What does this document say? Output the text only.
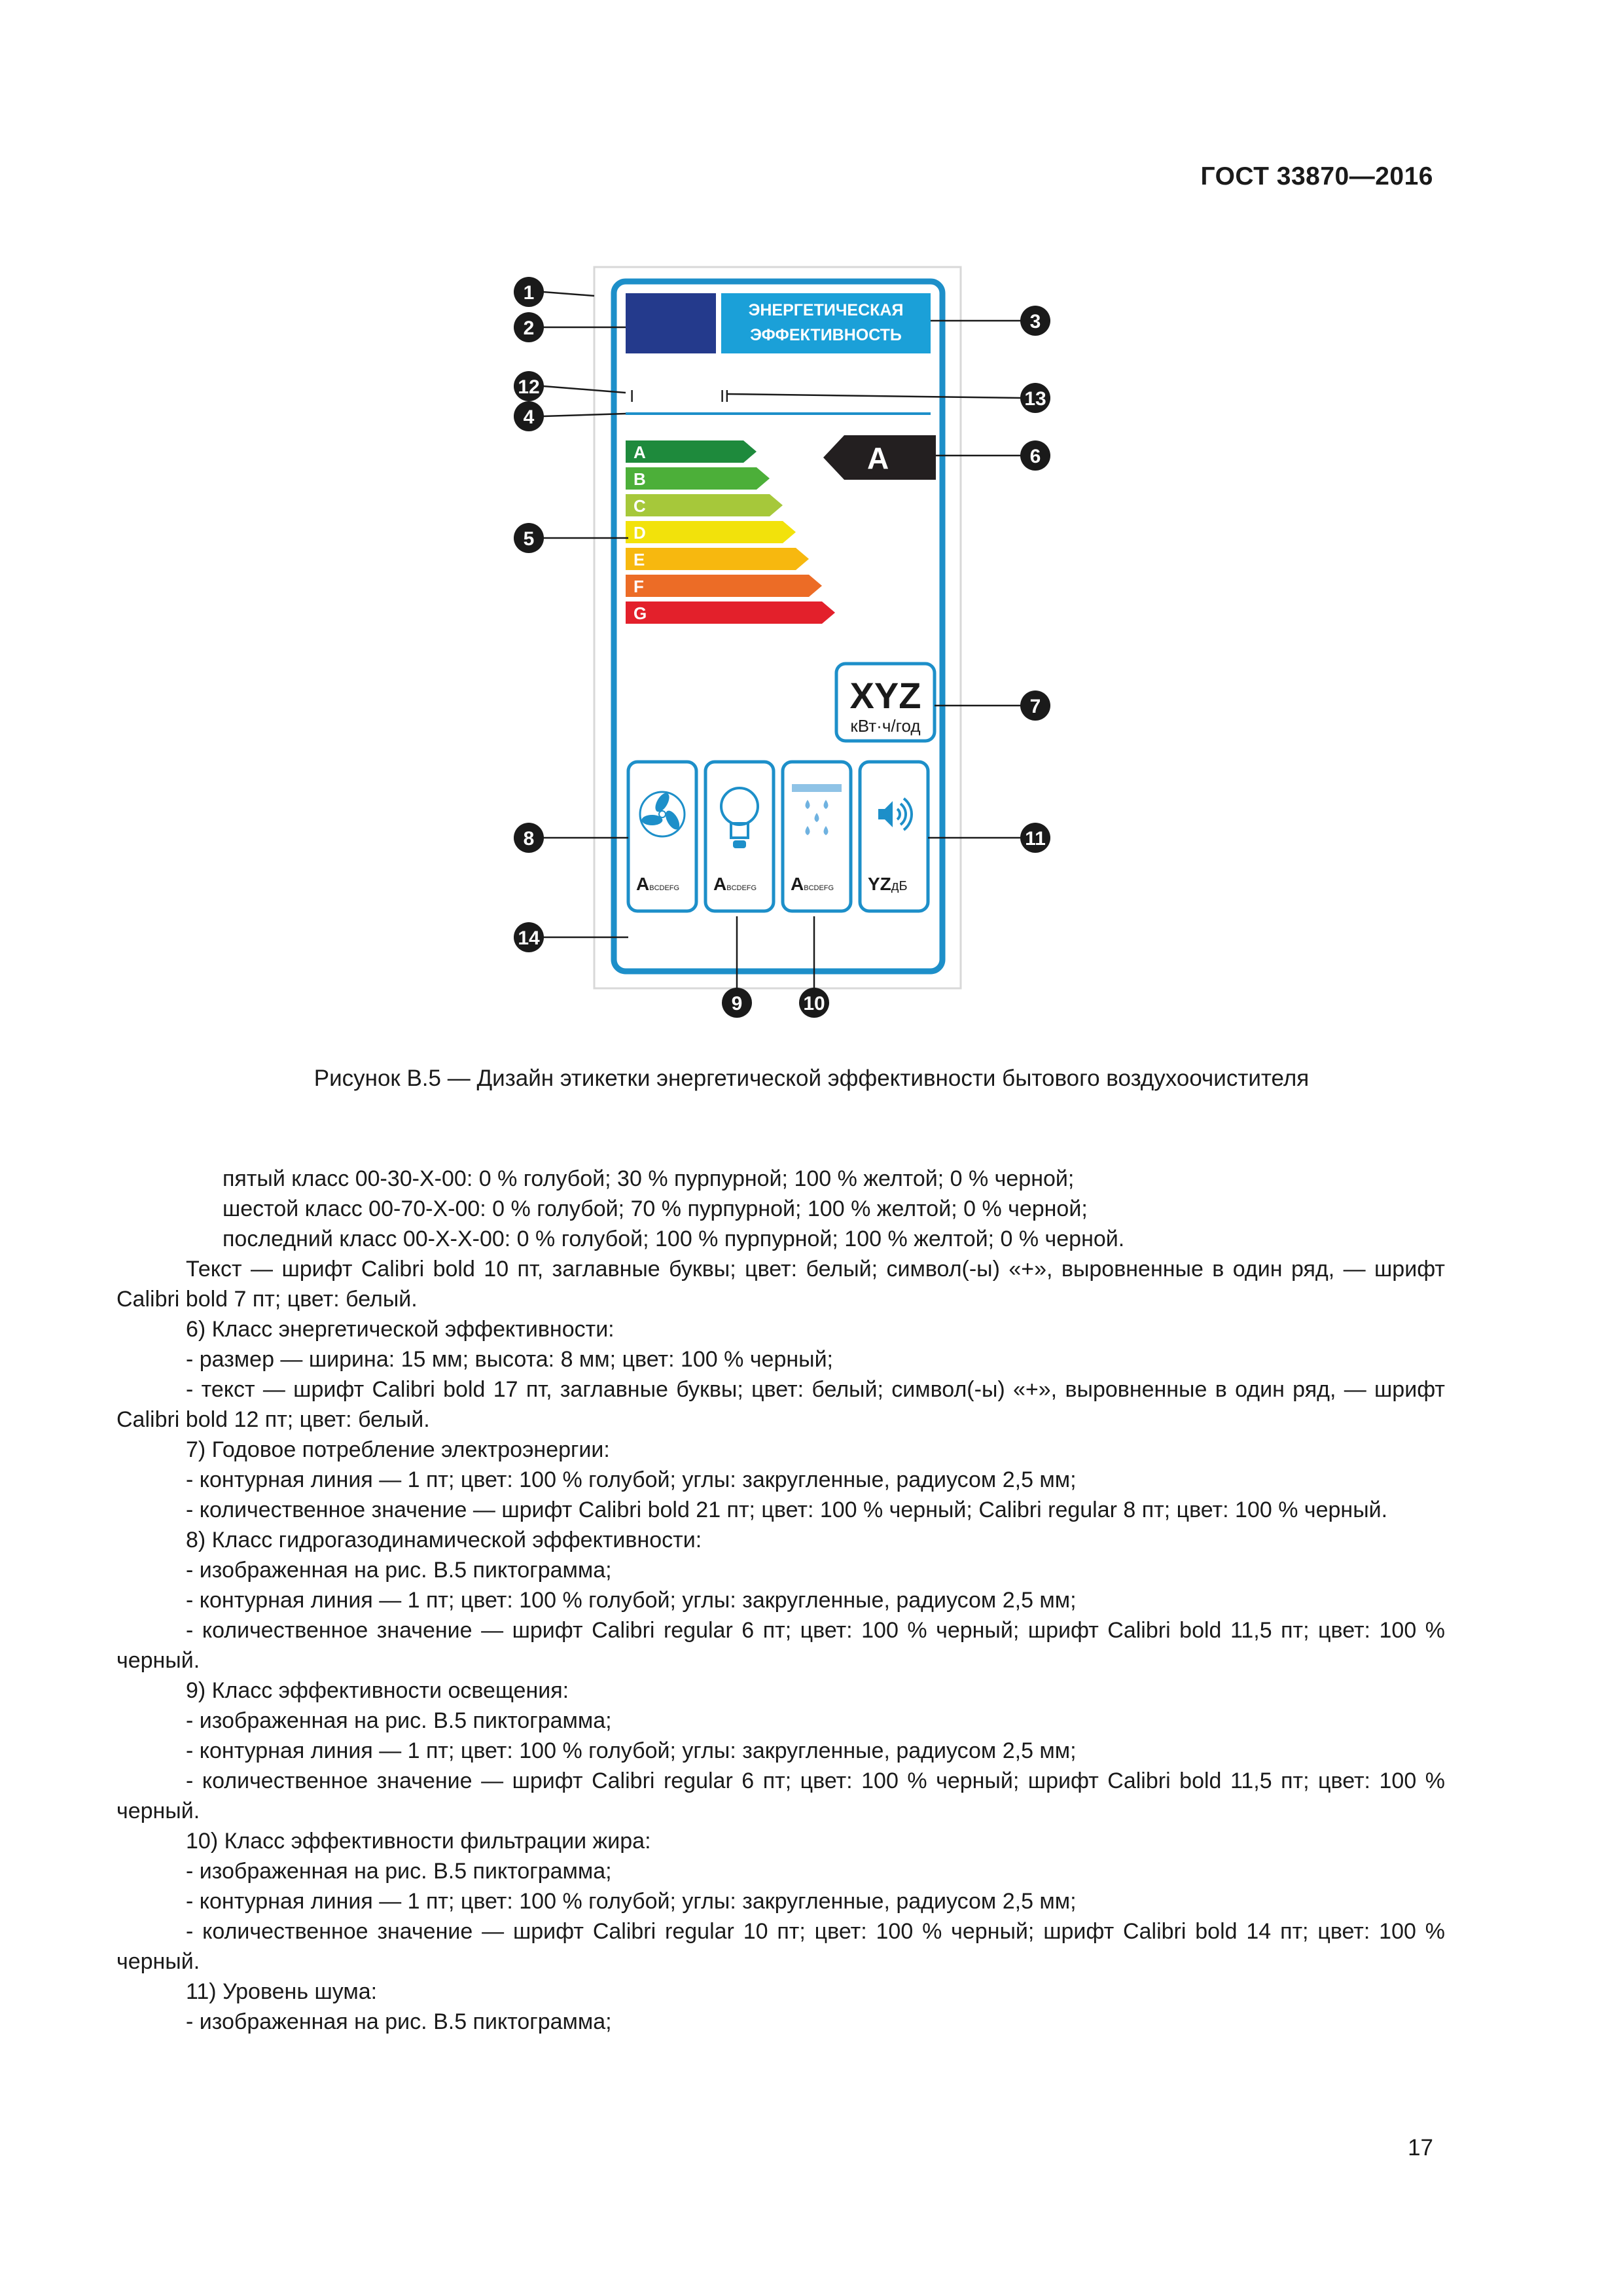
ГОСТ 33870—2016
ЭНЕРГЕТИЧЕСКАЯ
ЭФФЕКТИВНОСТЬ
I	II
A
B
C
D
E
F
G
A
XYZ
кВт·ч/год
ABCDEFG ABCDEFG ABCDEFG YZдБ
1
2	3
12
13
4
6
5
7
8	11
14
9	10
Рисунок В.5 — Дизайн этикетки энергетической эффективности бытового воздухоочистителя

пятый класс 00-30-Х-00: 0 % голубой; 30 % пурпурной; 100 % желтой; 0 % черной;

шестой класс 00-70-Х-00: 0 % голубой; 70 % пурпурной; 100 % желтой; 0 % черной;

последний класс 00-Х-Х-00: 0 % голубой; 100 % пурпурной; 100 % желтой; 0 % черной.

Текст — шрифт Calibri bold 10 пт, заглавные буквы; цвет: белый; символ(-ы) «+», выровненные в один ряд, — шрифт Calibri bold 7 пт; цвет: белый.

6) Класс энергетической эффективности:

- размер — ширина: 15 мм; высота: 8 мм; цвет: 100 % черный;

- текст — шрифт Calibri bold 17 пт, заглавные буквы; цвет: белый; символ(-ы) «+», выровненные в один ряд, — шрифт Calibri bold 12 пт; цвет: белый.

7) Годовое потребление электроэнергии:

- контурная линия — 1 пт; цвет: 100 % голубой; углы: закругленные, радиусом 2,5 мм;

- количественное значение — шрифт Calibri bold 21 пт; цвет: 100 % черный; Calibri regular 8 пт; цвет: 100 % черный.

8) Класс гидрогазодинамической эффективности:

- изображенная на рис. В.5 пиктограмма;

- контурная линия — 1 пт; цвет: 100 % голубой; углы: закругленные, радиусом 2,5 мм;

- количественное значение — шрифт Calibri regular 6 пт; цвет: 100 % черный; шрифт Calibri bold 11,5 пт; цвет: 100 % черный.

9) Класс эффективности освещения:

- изображенная на рис. В.5 пиктограмма;

- контурная линия — 1 пт; цвет: 100 % голубой; углы: закругленные, радиусом 2,5 мм;

- количественное значение — шрифт Calibri regular 6 пт; цвет: 100 % черный; шрифт Calibri bold 11,5 пт; цвет: 100 % черный.

10) Класс эффективности фильтрации жира:

- изображенная на рис. В.5 пиктограмма;

- контурная линия — 1 пт; цвет: 100 % голубой; углы: закругленные, радиусом 2,5 мм;

- количественное значение — шрифт Calibri regular 10 пт; цвет: 100 % черный; шрифт Calibri bold 14 пт; цвет: 100 % черный.

11) Уровень шума:

- изображенная на рис. В.5 пиктограмма;

17
